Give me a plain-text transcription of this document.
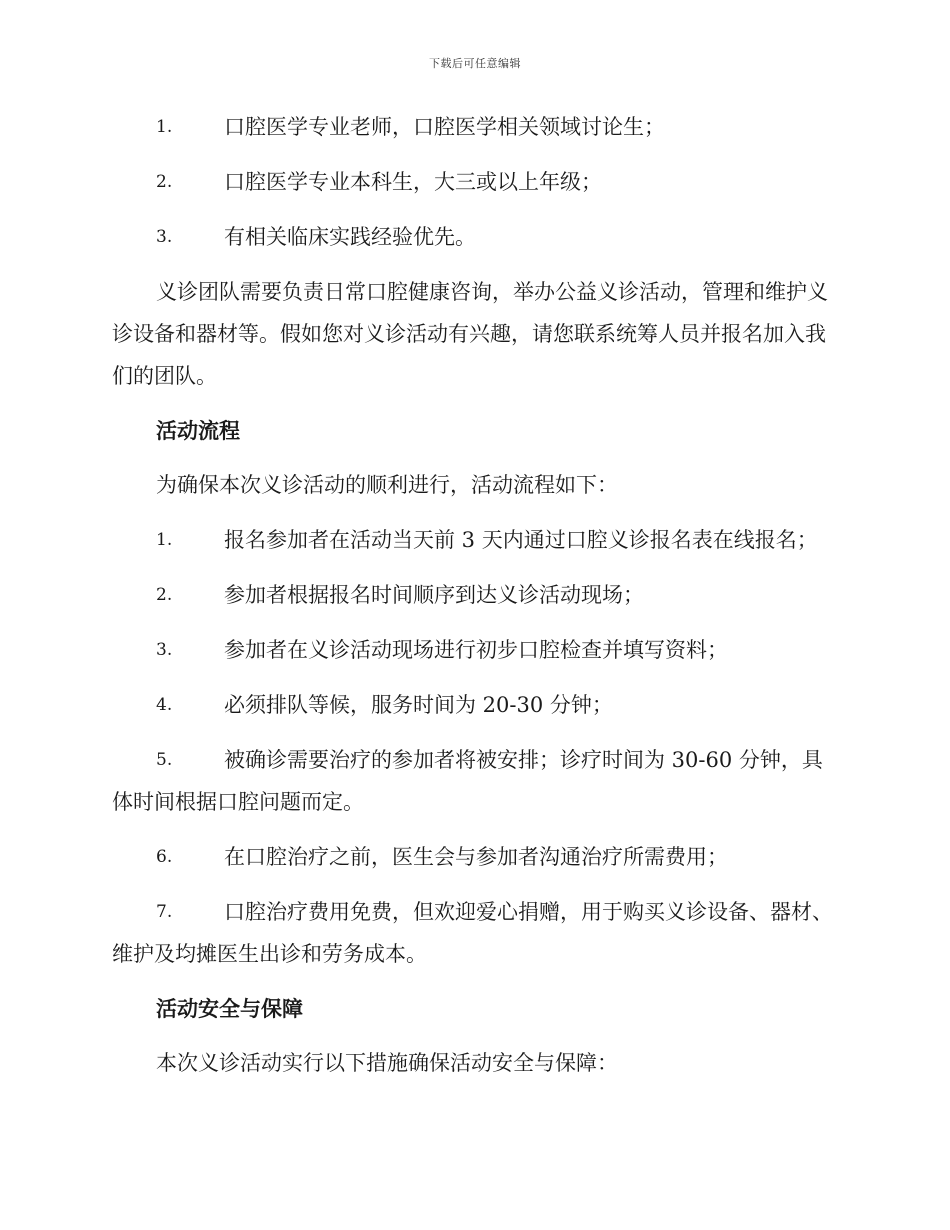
下载后可任意编辑
1.	口腔医学专业老师，口腔医学相关领域讨论生；
2.	口腔医学专业本科生，大三或以上年级；
3.	有相关临床实践经验优先。
义诊团队需要负责日常口腔健康咨询，举办公益义诊活动，管理和维护义诊设备和器材等。假如您对义诊活动有兴趣，请您联系统筹人员并报名加入我们的团队。
活动流程
为确保本次义诊活动的顺利进行，活动流程如下：
1.	报名参加者在活动当天前 3 天内通过口腔义诊报名表在线报名；
2.	参加者根据报名时间顺序到达义诊活动现场；
3.	参加者在义诊活动现场进行初步口腔检查并填写资料；
4.	必须排队等候，服务时间为 20-30 分钟；
5.	被确诊需要治疗的参加者将被安排；诊疗时间为 30-60 分钟，具体时间根据口腔问题而定。
6.	在口腔治疗之前，医生会与参加者沟通治疗所需费用；
7.	口腔治疗费用免费，但欢迎爱心捐赠，用于购买义诊设备、器材、维护及均摊医生出诊和劳务成本。
活动安全与保障
本次义诊活动实行以下措施确保活动安全与保障：
